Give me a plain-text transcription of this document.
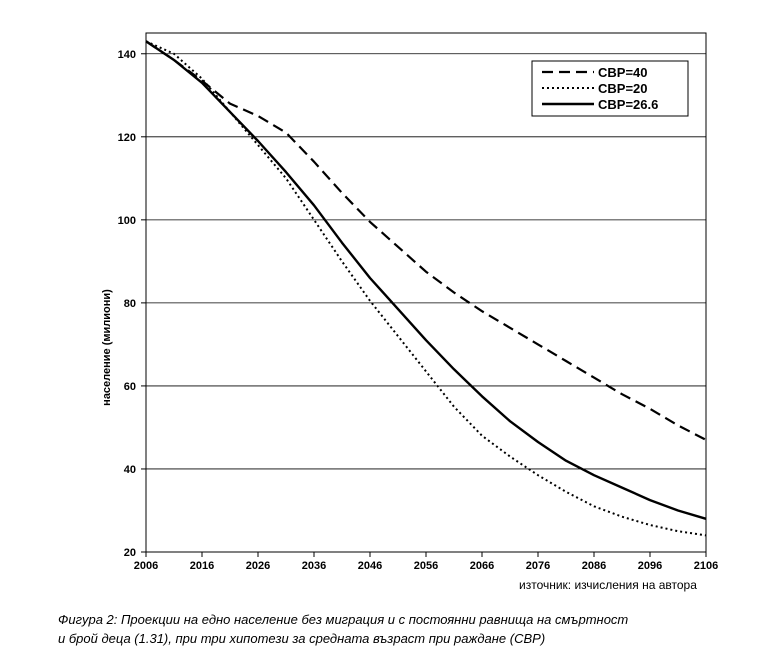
2006	2016	2026	2036	2046	2056	2066	2076	2086	2096	2106
20
40
60
80
100
120
140
население (милиони)
СВР=40
СВР=20
СВР=26.6
източник: изчисления на автора
Фигура 2: Проекции на едно население без миграция и с постоянни равнища на смъртност
и брой деца (1.31), при три хипотези за средната възраст при раждане (СВР)
